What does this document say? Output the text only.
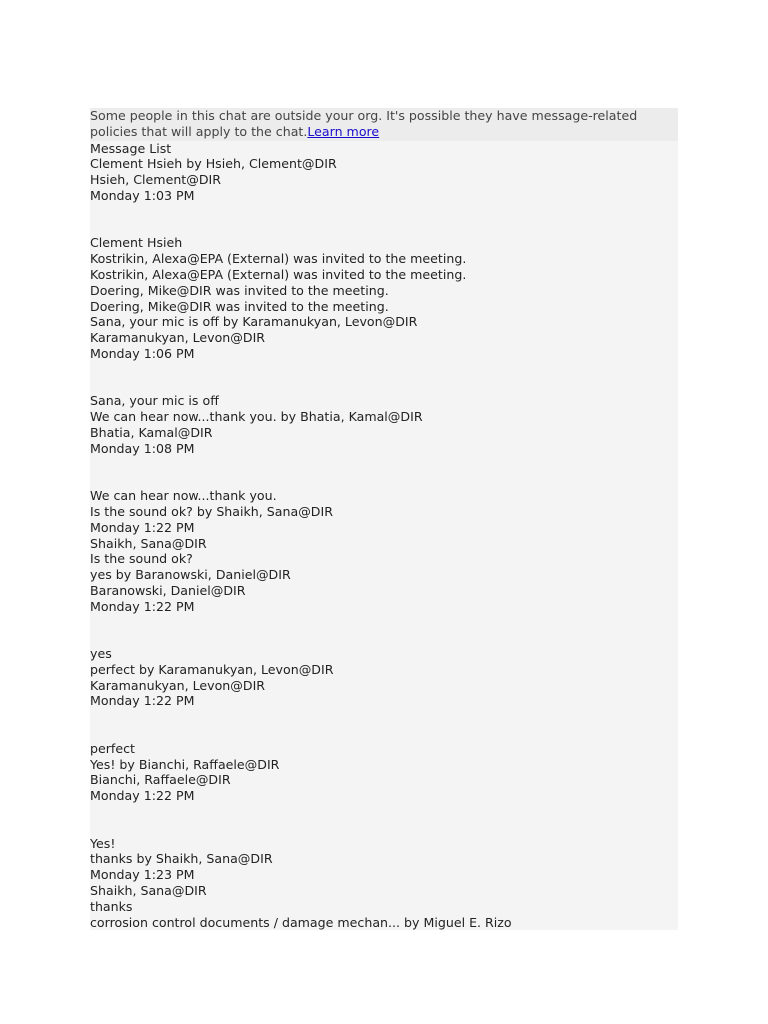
Some people in this chat are outside your org. It's possible they have message-related policies that will apply to the chat.Learn more
Message List
Clement Hsieh by Hsieh, Clement@DIR
Hsieh, Clement@DIR
Monday 1:03 PM
Clement Hsieh
Kostrikin, Alexa@EPA (External) was invited to the meeting.
Kostrikin, Alexa@EPA (External) was invited to the meeting.
Doering, Mike@DIR was invited to the meeting.
Doering, Mike@DIR was invited to the meeting.
Sana, your mic is off by Karamanukyan, Levon@DIR
Karamanukyan, Levon@DIR
Monday 1:06 PM
Sana, your mic is off
We can hear now...thank you. by Bhatia, Kamal@DIR
Bhatia, Kamal@DIR
Monday 1:08 PM
We can hear now...thank you.
Is the sound ok? by Shaikh, Sana@DIR
Monday 1:22 PM
Shaikh, Sana@DIR
Is the sound ok?
yes by Baranowski, Daniel@DIR
Baranowski, Daniel@DIR
Monday 1:22 PM
yes
perfect by Karamanukyan, Levon@DIR
Karamanukyan, Levon@DIR
Monday 1:22 PM
perfect
Yes! by Bianchi, Raffaele@DIR
Bianchi, Raffaele@DIR
Monday 1:22 PM
Yes!
thanks by Shaikh, Sana@DIR
Monday 1:23 PM
Shaikh, Sana@DIR
thanks
corrosion control documents / damage mechan... by Miguel E. Rizo
